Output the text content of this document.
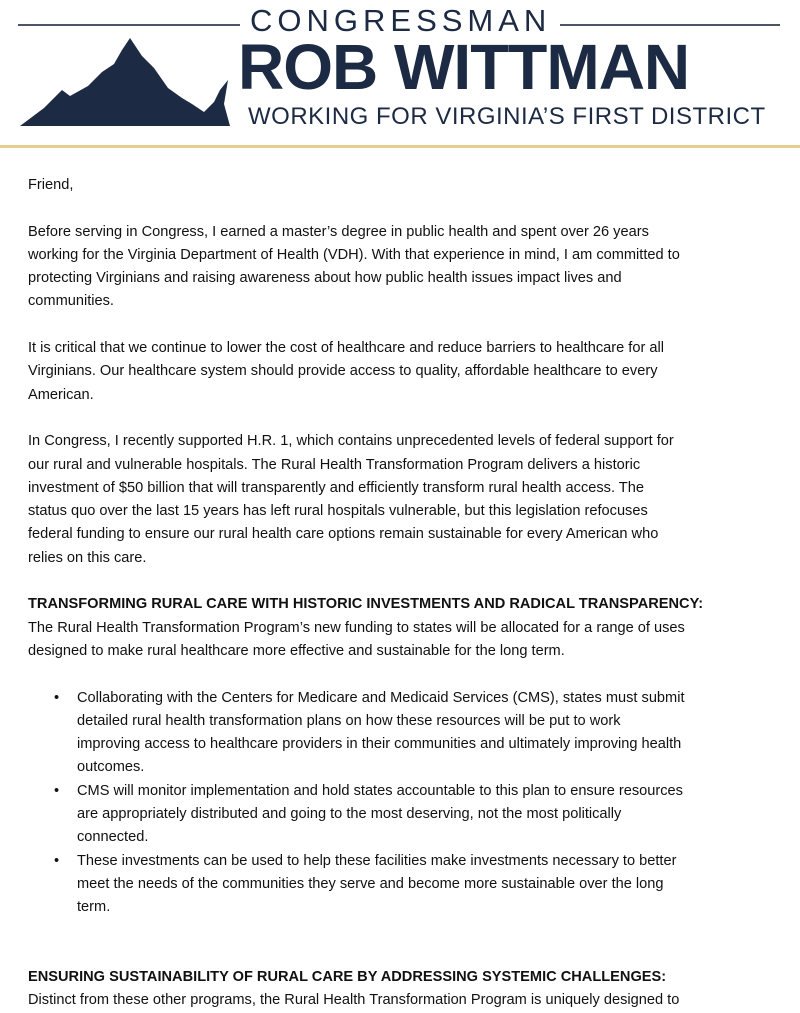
CONGRESSMAN
ROB WITTMAN
WORKING FOR VIRGINIA’S FIRST DISTRICT
Friend,
Before serving in Congress, I earned a master’s degree in public health and spent over 26 years
working for the Virginia Department of Health (VDH). With that experience in mind, I am committed to
protecting Virginians and raising awareness about how public health issues impact lives and
communities.
It is critical that we continue to lower the cost of healthcare and reduce barriers to healthcare for all
Virginians. Our healthcare system should provide access to quality, affordable healthcare to every
American.
In Congress, I recently supported H.R. 1, which contains unprecedented levels of federal support for
our rural and vulnerable hospitals. The Rural Health Transformation Program delivers a historic
investment of $50 billion that will transparently and efficiently transform rural health access. The
status quo over the last 15 years has left rural hospitals vulnerable, but this legislation refocuses
federal funding to ensure our rural health care options remain sustainable for every American who
relies on this care.
TRANSFORMING RURAL CARE WITH HISTORIC INVESTMENTS AND RADICAL TRANSPARENCY:
The Rural Health Transformation Program’s new funding to states will be allocated for a range of uses
designed to make rural healthcare more effective and sustainable for the long term.
Collaborating with the Centers for Medicare and Medicaid Services (CMS), states must submit
•
detailed rural health transformation plans on how these resources will be put to work
improving access to healthcare providers in their communities and ultimately improving health
outcomes.
CMS will monitor implementation and hold states accountable to this plan to ensure resources
•
are appropriately distributed and going to the most deserving, not the most politically
connected.
These investments can be used to help these facilities make investments necessary to better
•
meet the needs of the communities they serve and become more sustainable over the long
term.
ENSURING SUSTAINABILITY OF RURAL CARE BY ADDRESSING SYSTEMIC CHALLENGES:
Distinct from these other programs, the Rural Health Transformation Program is uniquely designed to
